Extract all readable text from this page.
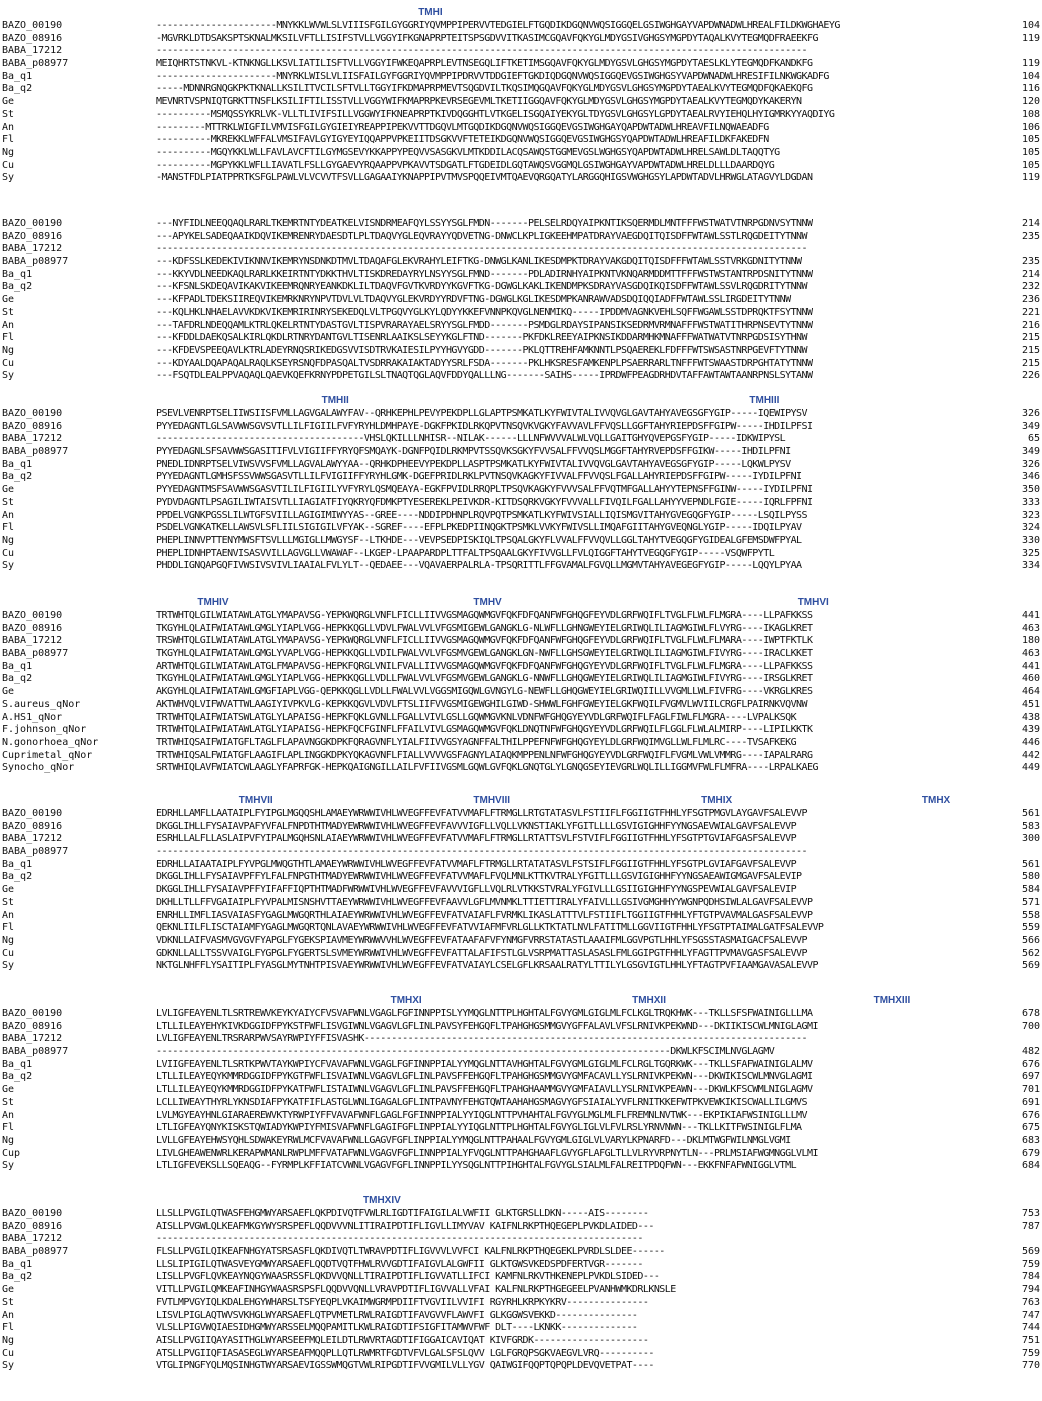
TMHI
BAZO_00190	----------------------MNYKKLWVWLSLVIIISFGILGYGGRIYQVMPPIPERVVTEDGIELFTGQDIKDGQNVWQSIGGQELGSIWGHGAYVAPDWNADWLHREALFILDKWGHAEYG	104
BAZO_08916	-MGVRKLDTDSAKSPTSKNALMKSILVFTLLISIFSTVLLVGGYIFKGNAPRPTEITSPSGDVVITKASIMCGQAVFQKYGLMDYGSIVGHGSYMGPDYTAQALKVYTEGMQDFRAEEKFG	119
BABA_17212	-----------------------------------------------------------------------------------------------------------------------
BABA_p08977	MEIQHRTSTNKVL-KTNKNGLLKSVLIATILISFTVLLVGGYIFWKEQAPRPLEVTNSEGQLIFTKETIMSGQAVFQKYGLMDYGSVLGHGSYMGPDYTAESLKLYTEGMQDFKANDKFG	119
Ba_q1	----------------------MNYRKLWISLVLIISFAILGYFGGRIYQVMPPIPDRVVTDDGIEFTGKDIQDGQNVWQSIGGQEVGSIWGHGSYVAPDWNADWLHRESIFILNKWGKADFG	104
Ba_q2	-----MDNNRGNQGKPKTKNALLKSILITVCILSFTVLLTGGYIFKDMAPRPMEVTSQGDVILTKQSIMQGQAVFQKYGLMDYGSVLGHGSYMGPDYTAEALKVYTEGMQDFQKAEKQFG	116
Ge	MEVNRTVSPNIQTGRKTTNSFLKSILIFTILISSTVLLVGGYWIFKMAPRPKEVRSEGEVMLTKETIIGGQAVFQKYGLMDYGSVLGHGSYMGPDYTAEALKVYTEGMQDYKAKERYN	120
St	----------MSMQSSYKRLVK-VLLTLIVIFSILLVGGWYIFKNEAPRPTKIVDQGGHTLVTKGELISGQAIYEKYGLTDYGSVLGHGSYLGPDYTAEALRVYIEHQLHYIGMRKYYAQDIYG	108
An	---------MTTRKLWIGFILVMVISFGILGYGIEIYREAPPIPEKVVTTDGQVLMTGQDIKDGQNVWQSIGGQEVGSIWGHGAYQAPDWTADWLHREAVFILNQWAEADFG	106
Fl	----------MKREKKLWFFALVMSIFAVLGYIGYEYIQQAPPVPKEIITDSGKVVFTETEIKDGQNVWQSIGGQEVGSIWGHGSYQAPDWTADWLHREAFILDKFAKEDFN	105
Ng	----------MGQYKKLWLLFAVLAVCFTILGYMGSEVYKKAPPYPEQVVSASGKVLMTKDDILACQSAWQSTGGMEVGSLWGHGSYQAPDWTADWLHRELSAWLDLTAQQTYG	105
Cu	----------MGPYKKLWFLLIAVATLFSLLGYGAEVYRQAAPPVPKAVVTSDGATLFTGDEIDLGQTAWQSVGGMQLGSIWGHGAYVAPDWTADWLHRELDLLLDAARDQYG	105
Sy	-MANSTFDLPIATPPRTKSFGLPAWLVLVCVVTFSVLLGAGAAIYKNAPPIPVTMVSPQQEIVMTQAEVQRGQATYLARGGQHIGSVWGHGSYLAPDWTADVLHRWGLATAGVYLDGDAN	119
BAZO_00190	---NYFIDLNEEQQAQLRARLTKEMRTNTYDEATKELVISNDRMEAFQYLSSYYSGLFMDN-------PELSELRDQYAIPKNTIKSQERMDLMNTFFFWSTWATVTNRPGDNVSYTNNW	214
BAZO_08916	---APYKELSADEQAAIKDQVIKEMRENRYDAESDTLPLTDAQVYGLEQVRAYYQDVETNG-DNWCLKPLIGKEEHMPATDRAYVAEGDQITQISDFFWTAWLSSTLRQGDEITYTNNW	235
BABA_17212	-----------------------------------------------------------------------------------------------------------------------
BABA_p08977	---KDFSSLKEDEKIVIKNNVIKEMRYNSDNKDTMVLTDAQAFGLEKVRAHYLEIFTKG-DNWGLKANLIKESDMPKTDRAYVAKGDQITQISDFFFWTAWLSSTVRKGDNITYTNNW	235
Ba_q1	---KKYVDLNEEDKAQLRARLKKEIRTNTYDKKTHVLTISKDREDAYRYLNSYYSGLFMND-------PDLADIRNHYAIPKNTVKNQARMDDMTTFFFWSTWSTANTRPDSNITYTNNW	214
Ba_q2	---KFSNLSKDEQAVIKAKVIKEEMRQNRYEANKDKLILTDAQVFGVTKVRDYYKGVFTKG-DGWGLKAKLIKENDMPKSDRAYVASGDQIKQISDFFWTAWLSSVLRQGDRITYTNNW	232
Ge	---KFPADLTDEKSIIREQVIKEMRKNRYNPVTDVLVLTDAQVYGLEKVRDYYRDVFTNG-DGWGLKGLIKESDMPKANRAWVADSDQIQQIADFFWTAWLSSLIRGDEITYTNNW	236
St	---KQLHKLNHAELAVVKDKVIKEMRIRINRYSEKEDQLVLTPGQVYGLKYLQDYYKKEFVNNPKQVGLNENMIKQ-----IPDDMVAGNKVEHLSQFFWGAWLSSTDPRQKTFSYTNNW	221
An	---TAFDRLNDEQQAMLKTRLQKELRTNTYDASTGVLTISPVRARAYAELSRYYSGLFMDD-------PSMDGLRDAYSIPANSIKSEDRMVRMNAFFFWSTWATITHRPNSEVTYTNNW	216
Fl	---KFDDLDAEKQSALKIRLQKDLRTNRYDANTGVLTISENRLAAIKSLSEYYKGLFTND-------PKFDKLREEYAIPKNSIKDDARMHKMNAFFFWATWATVTNRPGDSISYTHNW	215
Ng	---KFDEVSPEEQAVLKTRLADEYRNQSRIKEDGSVVISDTRVKAIESILPYYHGVYGDD-------PKLQTTREHFAMKNNTLPSQAEREKLFDFFFWTSWSASTNRPGEVFTYTNNW	215
Cu	---KDYAALDQAPAQALRAQLKSEYRSNQFDPASQALTVSDRRAKAIAKTADYYSRLFSDA-------PKLHKSRESFAMKENPLPSAERRARLTNFFFWTSWAASTDRPGHTATYTNNW	215
Sy	---FSQTDLEALPPVAQAQLQAEVKQEFKRNYPDPETGILSLTNAQTQGLAQVFDDYQALLLNG-------SAIHS-----IPRDWFPEAGDRHDVTAFFAWTAWTAANRPNSLSYTANW	226
TMHII	TMHIII
BAZO_00190	PSEVLVENRPTSELIIWSIISFVMLLAGVGALAWYFAV--QRHKEPHLPEVYPEKDPLLGLAPTPSMKATLKYFWIVTALIVVQVGLGAVTAHYAVEGSGFYGIP-----IQEWIPYSV	326
BAZO_08916	PYYEDAGNTLGLSAVWWSGVSVTLLILFIGIILFVFYRYHLDMHPAYE-DGKFPKIDLRKQPVTNSQVKVGKYFAVVAVLFFVQSLLGGFTAHYRIEPDSFFGIPW-----IHDILPFSI	349
BABA_17212	--------------------------------------VHSLQKILLLNHISR--NILAK------LLLNFWVVVALWLVQLLGAITGHYQVEPGSFYGIP-----IDKWIPYSL	65
BABA_p08977	PYYEDAGNLSFSAVWWSGASITIFVLVIGIIFFYRYQFSMQAYK-DGNFPQIDLRKMPVTSSQVKSGKYFVVSALFFVVQSLMGGFTAHYRVEPDSFFGIKW-----IHDILPFNI	349
Ba_q1	PNEDLIDNRPTSELVIWSVVSFVMLLAGVALAWYYAA--QRHKDPHEEVYPEKDPLLASPTPSMKATLKYFWIVTALIVVQVGLGAVTAHYAVEGSGFYGIP-----LQKWLPYSV	326
Ba_q2	PYYEDAGNTLGMHSFSSVWWSGASVTLLILFVIGIIFFYRYHLGMK-DGEFPRIDLRKLPVTNSQVKAGKYFIVVALFFVVQSLFGALLAHYRIEPDSFFGIPW-----IYDILPFNI	346
Ge	PYYEDAGNTMSFSAVWWSGASVTILILFIGIILYVFYRYLQSMQEAYA-EGKFPVIDLRRQPLTPSQVKAGKYFVVVSALFFVQTMFGALLAHYYTEPNSFFGINW-----IYDILPFNI	350
St	PYDVDAGNTLPSAGILIWTAISVTLLIAGIATFIYQKRYQFDMKPTYESEREKLPEIVKDR-KITDSQRKVGKYFVVVALLFIVQILFGALLAHYYVEPNDLFGIE-----IQRLFPFNI	333
An	PPDELVGNKPGSSLILWTGFSVIILLAGIGIMIWYYAS--GREE----NDDIPDHNPLRQVPQTPSMKATLKYFWIVSIALLIQISMGVITAHYGVEGQGFYGIP-----LSQILPYSS	323
Fl	PSDELVGNKATKELLAWSVLSFLIILSIGIGILVFYAK--SGREF----EFPLPKEDPIINQGKTPSMKLVVKYFWIVSLLIMQAFGIITAHYGVEQNGLYGIP-----IDQILPYAV	324
Ng	PHEPLINNVPTTENYMWSFTSVLLLMGIGLLMWGYSF--LTKHDE---VEVPSEDPISKIQLTPSQALGKYFLVVALFFVVQVLLGGLTAHYTVEGQGFYGIDEALGFEMSDWFPYAL	330
Cu	PHEPLIDNHPTAENVISASVVILLAGVGLLVWAWAF--LKGEP-LPAAPARDPLTTFALTPSQAALGKYFIVVGLLFVLQIGGFTAHYTVEGQGFYGIP-----VSQWFPYTL	325
Sy	PHDDLIGNQAPGQFIVWSIVSVIVLIAAIALFVLYLT--QEDAEE---VQAVAERPALRLA-TPSQRITTLFFGVAMALFGVQLLMGMVTAHYAVEGEGFYGIP-----LQQYLPYAA	334
TMHIV	TMHV	TMHVI
BAZO_00190	TRTWHTQLGILWIATAWLATGLYMAPAVSG-YEPKWQRGLVNFLFICLLIIVVGSMAGQWMGVFQKFDFQANFWFGHQGFEYVDLGRFWQIFLTVGLFLWLFLMGRA----LLPAFKKSS	441
BAZO_08916	TKGYHLQLAIFWIATAWLGMGLYIAPLVGG-HEPKKQGLLVDVLFWALVVLVFGSMIGEWLGANGKLG-NLWFLLGHNGWEYIELGRIWQLILIAGMGIWLFLVYRG----IKAGLKRET	463
BABA_17212	TRSWHTQLGILWIATAWLATGLYMAPAVSG-YEPKWQRGLVNFLFICLLIIVVGSMAGQWMGVFQKFDFQANFWFGHQGFEYVDLGRFWQIFLTVGLFLWLFLMARA----IWPTFKTLK	180
BABA_p08977	TKGYHLQLAIFWIATAWLGMGLYVAPLVGG-HEPKKQGLLVDILFWALVVLVFGSMVGEWLGANGKLGN-NWFLLGHSGWEYIELGRIWQLILIAGMGIWLFIVYRG----IRACLKKET	463
Ba_q1	ARTWHTQLGILWIATAWLATGLFMAPAVSG-HEPKFQRGLVNILFVALLIIVVGSMAGQWMGVFQKFDFQANFWFGHQGYEYVDLGRFWQIFLTVGLFLWLFLMGRA----LLPAFKKSS	441
Ba_q2	TKGYHLQLAIFWIATAWLGMGLYIAPLVGG-HEPKKQGLLVDLLFWALVVLVFGSMVGEWLGANGKLG-NNWFLLGHQGWEYIELGRIWQLILIAGMGIWLFIVYRG----IRSGLKRET	460
Ge	AKGYHLQLAIFWIATAWLGMGFIAPLVGG-QEPKKQGLLVDLLFWALVVLVGGSMIGQWLGVNGYLG-NEWFLLGHQGWEYIELGRIWQIILLVVGMLLWLFIVFRG----VKRGLKRES	464
S.aureus_qNor	AKTWHVQLVIFWVATTWLAAGIYIVPKVLG-KEPKKQGVLVDVLFTSLIIFVVGSMIGEWGHILGIWD-SHWWLFGHFGWEYIELGKFWQILFVGMVLWVIILCRGFLPAIRNKVQVNW	451
A.HS1_qNor	TRTWHTQLAIFWIATSWLATGLYLAPAISG-HEPKFQKLGVNLLFGALLVIVLGSLLGQWMGVKNLVDNFWFGHQGYEYVDLGRFWQIFLFAGLFIWLFLMGRA----LVPALKSQK	438
F.johnson_qNor	TRTWHTQLAIFWIATAWLATGLYIAPAISG-HEPKFQCFGINFLFFAILVIVLGSMAGQWMGVFQKLDNQTNFWFGHQGYEYVDLGRFWQILFLGGLFLWLALMIRP----LIPILKKTK	439
N.gonorhoea_qNor	TRTWHIQSAIFWIATGFLTAGLFLAPAVNGGKDPKFQRAGVNFLYIALFIIVVGSYAGNFFALTHILPPEFNFWFGHQGYEYLDLGRFWQIMVGLLWLFLMLRC----TVSAFKEKG	446
Cuprimetal_qNor	TRTWHIQSALFWIATGFLAAGIFLAPLINGGKDPKYQKAGVNFLFIALLVVVVGSFAGNYLAIAQKMPPENLNFWFGHQGYEYVDLGRFWQIFLFVGMLVWLVMMRG----IAPALRARG	442
Synocho_qNor	SRTWHIQLAVFWIATCWLAAGLYFAPRFGK-HEPKQAIGNGILLAILFVFIIVGSMLGQWLGVFQKLGNQTGLYLGNQGSEYIEVGRLWQLILLIGGMVFWLFLMFRA----LRPALKAEG	449
TMHVII	TMHVIII	TMHIX	TMHX
BAZO_00190	EDRHLLAMFLLAATAIPLFYIPGLMGQQSHLAMAEYWRWWIVHLWVEGFFEVFATVVMAFLFTRMGLLRTGTATASVLFSTIIFLFGGIIGTFHHLYFSGTPMGVLAYGAVFSALEVVP	561
BAZO_08916	DKGGLIHLLFYSAIAVPAFYVFALFNPDTHTMADYEWRWWIVHLWVEGFFEVFAVVVIGFLLVQLLVKNSTIAKLYFGITLLLLGSVIGIGHHFYYNGSAEVWIALGAVFSALEVVP	583
BABA_17212	ESRHLLALFLLASLAIPVFYIPALMGQHSNLAIAEYWRWWIVHLWVEGFFEVFATVVMAFLFTRMGLLRTATTSVLFSTVIFLFGGIIGTFHHLYFSGTPTGVIAFGASFSALEVVP	300
BABA_p08977	-----------------------------------------------------------------------------------------------------------------------
Ba_q1	EDRHLLAIAATAIPLFYVPGLMWQGTHTLAMAEYWRWWIVHLWVEGFFEVFATVVMAFLFTRMGLLRTATATASVLFSTSIFLFGGIIGTFHHLYFSGTPLGVIAFGAVFSALEVVP	561
Ba_q2	DKGGLIHLLFYSAIAVPFFYLFALFNPGTHTMADYEWRWWIVHLWVEGFFEVFATVVMAFLFVQLMNLKTTKVTRALYFGITLLLGSVIGIGHHFYYNGSAEAWIGMGAVFSALEVIP	580
Ge	DKGGLIHLLFYSAIAVPFFYIFAFFIQPTHTMADFWRWWIVHLWVEGFFEVFAVVVIGFLLVQLRLVTKKSTVRALYFGIVLLLGSIIGIGHHFYYNGSPEVWIALGAVFSALEVIP	584
St	DKHLLTLLFFVGAIAIPLFYVPALMISNSHVTTAEYWRWWIVHLWVEGFFEVFAAVVLGFLMVNMKLTTIETTIRALYFAIVLLLGSIVGMGHHYYWGNPQDHSIWLALGAVFSALEVVP	571
An	ENRHLLIMFLIASVAIASFYGAGLMWGQRTHLAIAEYWRWWIVHLWVEGFFEVFATVAIAFLFVRMKLIKASLATTTVLFSTIIFLTGGIIGTFHHLYFTGTPVAVMALGASFSALEVVP	558
Fl	QEKNLIILFLISCTAIAMFYGAGLMWGQRTQNLAVAEYWRWWIVHLWVEGFFEVFATVVIAFMFVRLGLLKTKTATLNVLFATITMLLGGVIIGTFHHLYFSGTPTAIMALGATFSALEVVP	559
Ng	VDKNLLAIFVASMVGVGVFYAPGLFYGEKSPIAVMEYWRWWVVHLWVEGFFEVFATAAFAFVFYNMGFVRRSTATASTLAAAIFMLGGVPGTLHHLYFSGSSTASMAIGACFSALEVVP	566
Cu	GDKNLLALLTSSVVAIGLFYGPGLFYGERTSLSVMEYWRWWIVHLWVEGFFEVFATTALAFIFSTLGLVSRPMATTASLASASLFMLGGIPGTFHHLYFAGTTPVMAVGASFSALEVVP	562
Sy	NKTGLNHFFLYSAITIPLFYASGLMYTNHTPISVAEYWRWWIVHLWVEGFFEVFATVAIAYLCSELGFLKRSAALRATYLTTILYLGSGVIGTLHHLYFTAGTPVFIAAMGAVASALEVVP	569
TMHXI	TMHXII	TMHXIII
BAZO_00190	LVLIGFEAYENLTLSRTREWVKEYKYAIYCFVSVAFWNLVGAGLFGFINNPPISLYYMQGLNTTPLHGHTALFGVYGMLGIGLMLFCLKGLTRQKHWK---TKLLSFSFWAINIGLLLMA	678
BAZO_08916	LTLLILEAYEHYKIVKDGGIDFPYKSTFWFLISVGIWNLVGAGVLGFLINLPAVSYFEHGQFLTPAHGHGSMMGVYGFFALAVLVFSLRNIVKPEKWND---DKIIKISCWLMNIGLAGMI	700
BABA_17212	LVLIGFEAYENLTRSRARPWVSAYRWPIYFFISVASHK---------------------------------------------------------------------------------
BABA_p08977	----------------------------------------------------------------------------------------------DKWLKFSCIMLNVGLAGMV	482
Ba_q1	LVIIGFEAYENLTLSRTKPWVTAYKWPIYCFVAVAFWNLVGAGLFGFINNPPIALYYMQGLNTTAVHGHTALFGVYGMLGIGLMLFCLRGLTGQRKWK---TKLLSFAFWAINIGLALMV	676
Ba_q2	LTLLILEAYEQYKMMRDGGIDFPYKGTFWFLISVAIWNLVGAGVLGFLINLPAVSFFEHGQFLTPAHGHGSMMGVYGMFACAVLLYSLRNIVKPEKWN---DKWIKISCWLMNVGLAGMI	697
Ge	LTLLILEAYEQYKMMRDGGIDFPYKATFWFLISTAIWNLVGAGVLGFLINLPAVSFFEHGQFLTPAHGHAAMMGVYGMFAIAVLLYSLRNIVKPEAWN---DKWLKFSCWMLNIGLAGMV	701
St	LCLLIWEAYTHYRLYKNSDIAFPYKATFIFLASTGLWNLIGAGALGFLINTPAVNYFEHGTQWTAAHAHGSMAGVYGFSIAIALYVFLRNITKKEFWTPKVEWKIKISCWALLILGMVS	691
An	LVLMGYEAYHNLGIARAEREWVKTYRWPIYFFVAVAFWNFLGAGLFGFINNPPIALYYIQGLNTTPVHAHTALFGVYGLMGLMLFLFREMNLNVTWK---EKPIKIAFWSINIGLLLMV	676
Fl	LTLIGFEAYQNYKISKSTQWIADYKWPIYFMISVAFWNFLGAGIFGFLINPPIALYYIQGLNTTPLHGHTALFGVYGLIGLVLFVLRSLYRNVNWN---TKLLKITFWSINIGLFLMA	675
Ng	LVLLGFEAYEHWSYQHLSDWAKEYRWLMCFVAVAFWNLLGAGVFGFLINPPIALYYMQGLNTTPAHAALFGVYGMLGIGLVLVARYLKPNARFD---DKLMTWGFWILNMGLVGMI	683
Cup	LIVLGHEAWENWRLKERAPWMANLRWPLMFFVATAFWNLVGAGVFGFLINNPPIALYFVQGLNTTPAHGHAAFLGVYGFLAFGLTLLVLRYVRPNYTLN---PRLMSIAFWGMNGGLVLMI	679
Sy	LTLIGFEVEKSLLSQEAQG--FYRMPLKFFIATCVWNLVGAGVFGFLINNPPILYYSQGLNTTPIHGHTALFGVYGLSIALMLFALREITPDQFWN---EKKFNFAFWNIGGLVTML	684
TMHXIV
BAZO_00190	LLSLLPVGILQTWASFEHGMWYARSAEFLQKPDIVQTFVWLRLIGDTIFAIGILALVWFII GLKTGRSLLDKN-----AIS--------	753
BAZO_08916	AISLLPVGWLQLKEAFMKGYWYSRSPEFLQQDVVVNLITIRAIPDTIFLIGVLLIMYVAV KAIFNLRKPTHQEGEPLPVKDLAIDED---	787
BABA_17212	-----------------------------------------------------------------------------------------
BABA_p08977	FLSLLPVGILQIKEAFNHGYATSRSASFLQKDIVQTLTWRAVPDTIFLIGVVVLVVFCI KALFNLRKPTHQEGEKLPVRDLSLDEE------	569
Ba_q1	LLSLIPIGILQTWASVEYGMWYARSAEFLQQDTVQTFHWLRVVGDTIFAIGVLALGWFII GLKTGWSVKEDSPDFERTVGR-------	759
Ba_q2	LISLLPVGFLQVKEAYNQGYWAASRSSFLQKDVVQNLLTIRAIPDTIFLIGVVATLLIFCI KAMFNLRKVTHKENEPLPVKDLSIDED---	784
Ge	VITLLPVGILQMKEAFINHGYWAASRSPSFLQQDVVQNLLVRAVPDTIFLIGVVALLVFAI KALFNLRKPTHGEGEELPVANHWMKDRLKNSLE	794
St	FVTLMPVGYIQLKDALEHGYWHARSLTSFYEQPLVKAIMWGRMPDIIFTVGVIILVVIFI RGYRHLKRPKYKRV---------------	763
An	LISVLPIGLAQTWVSVKHGLWYARSAEFLQTPVMETLRWLRAIGDTIFAVGVVFLAWVFI GLKGGWSVEKKD---------------	747
Fl	VLSLLPIGVWQIAESIDHGMWYARSSELMQQPAMITLKWLRAIGDTIFSIGFITAMWVFWF DLT----LKNKK--------------	744
Ng	AISLLPVGIIQAYASITHGLWYARSEEFMQLEILDTLRWVRTAGDTIFIGGAICAVIQAT KIVFGRDK---------------------	751
Cu	ATSLLPVGIIQFIASASEGLWYARSEAFMQQPLLQTLRWMRTFGDTVFVLGALSFSLQVV LGLFGRQPSGKVAEGVLVRQ----------	759
Sy	VTGLIPNGFYQLMQSINHGTWYARSAEVIGSSWMQGTVWLRIPGDTIFVVGMILVLLYGV QAIWGIFQQPTQPQPLDEVQVETPAT----	770
